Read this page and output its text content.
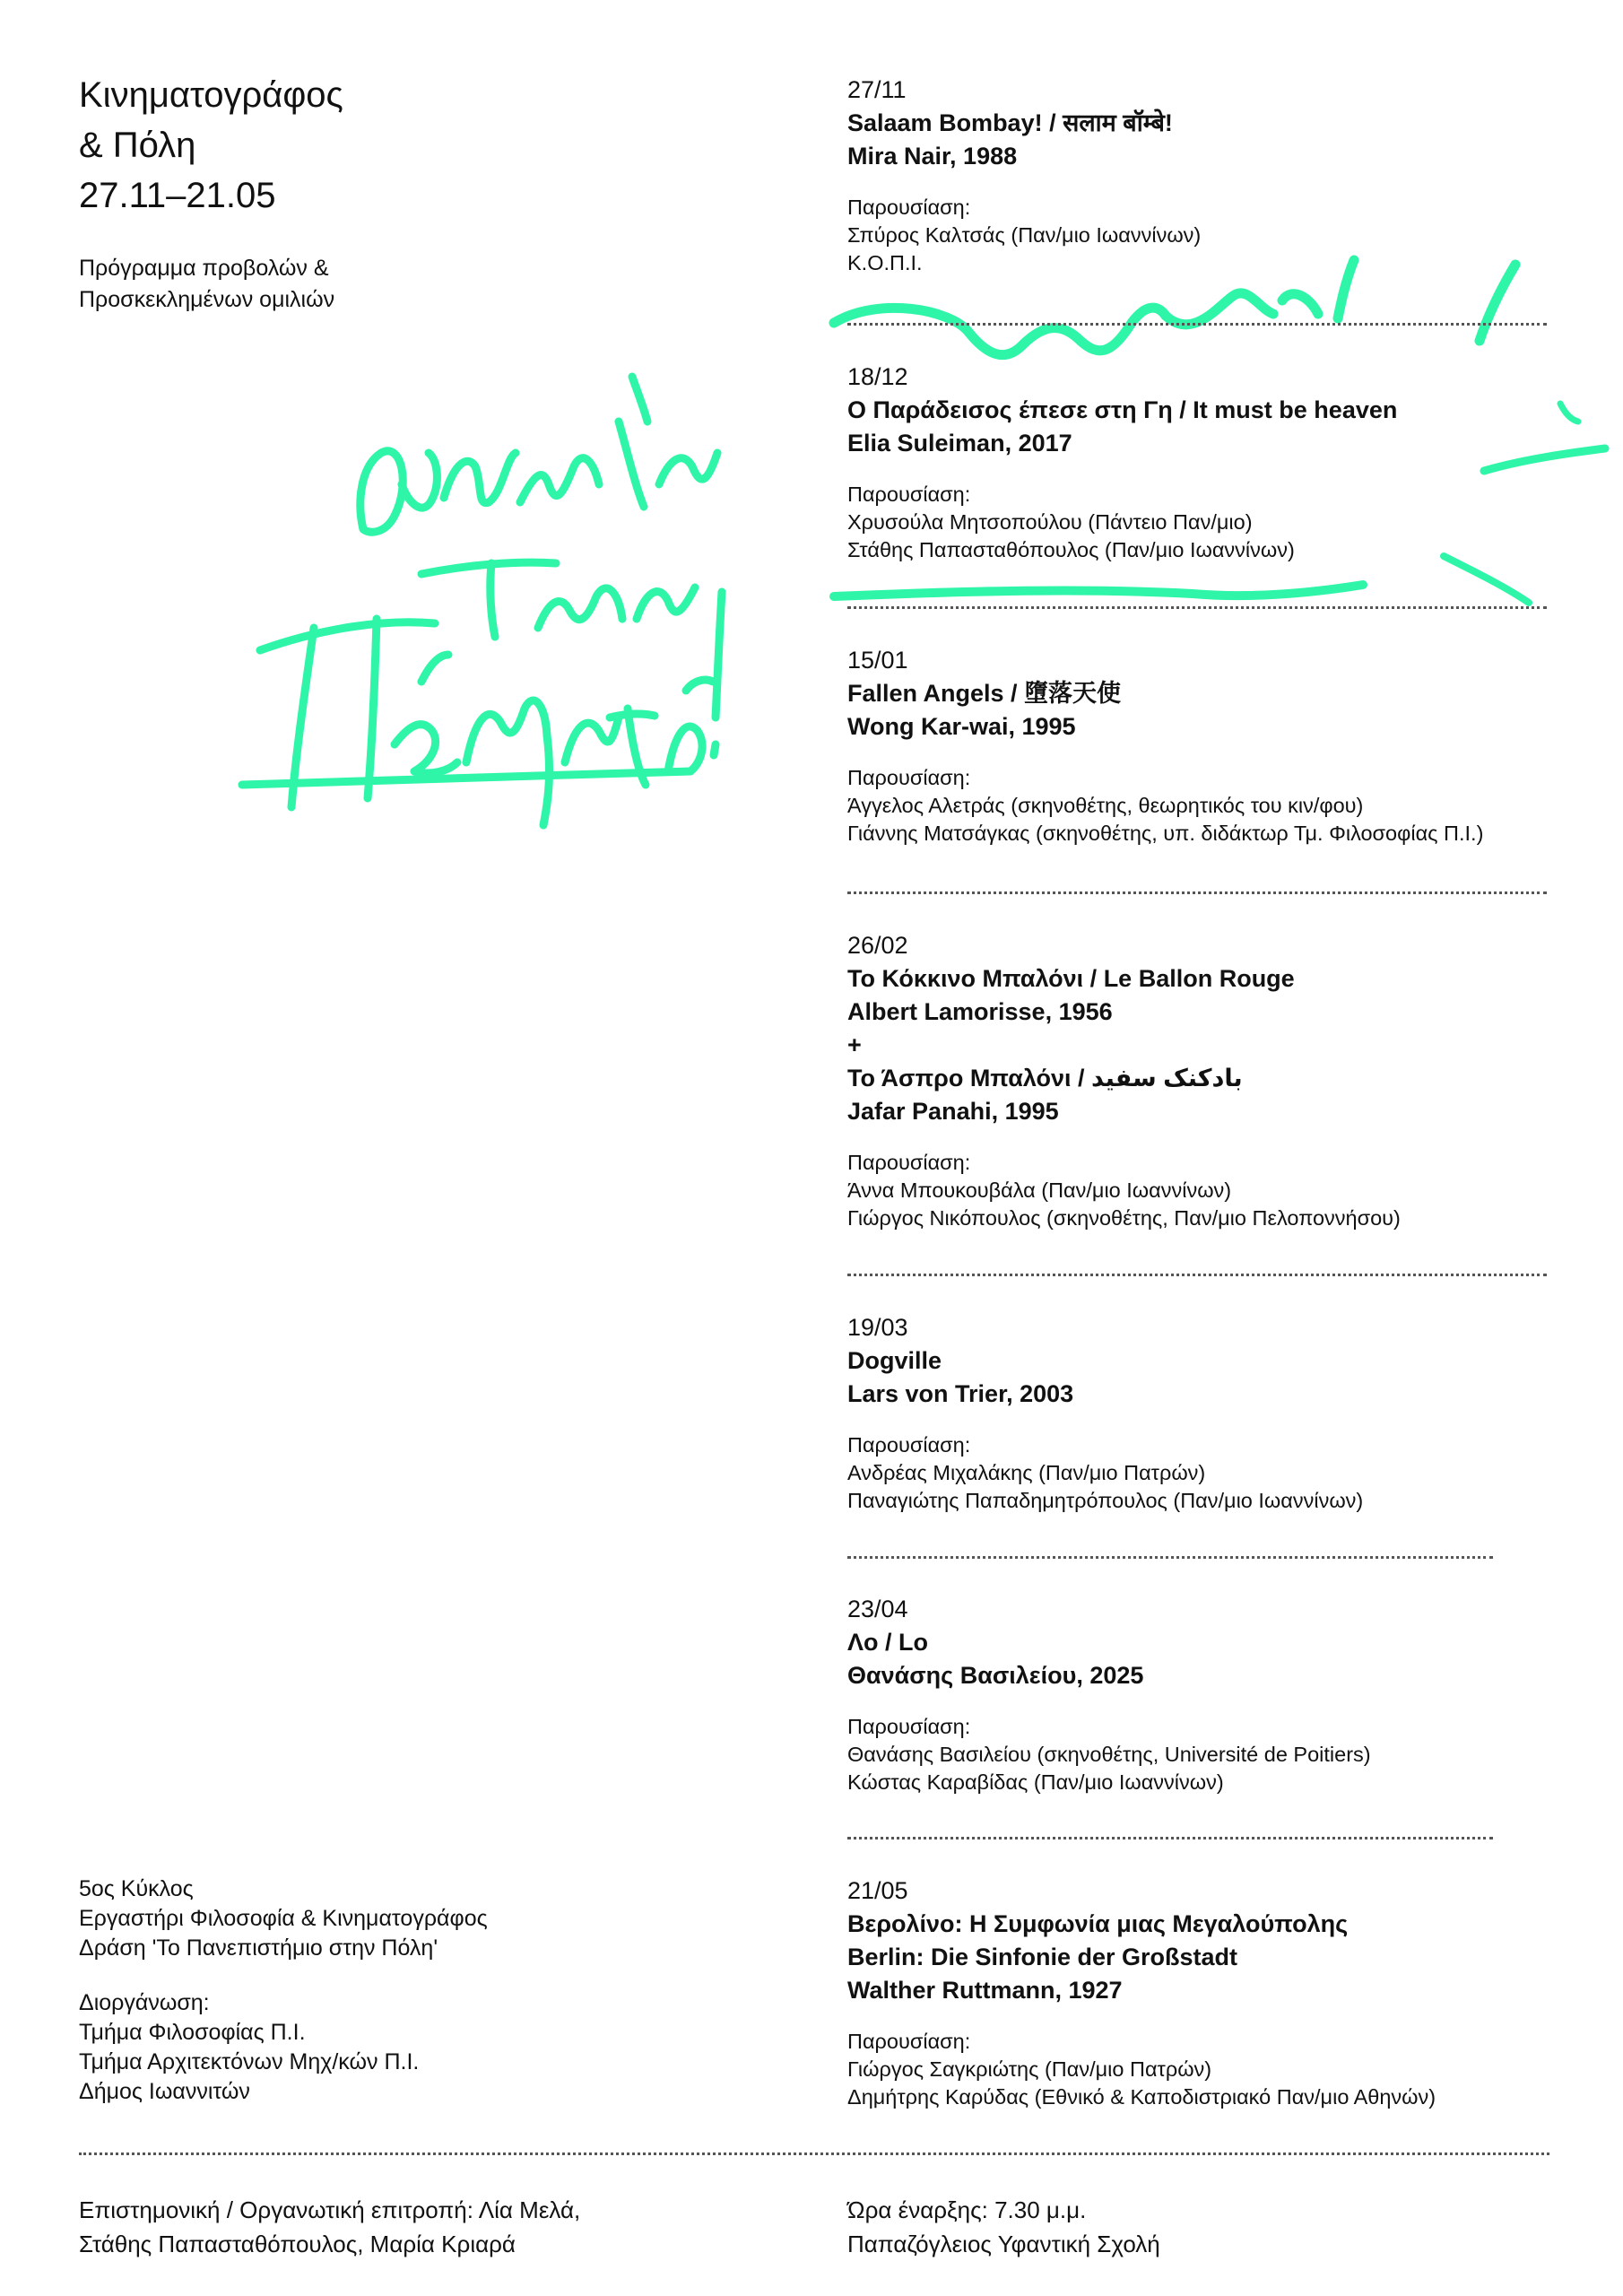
Κινηματογράφος
& Πόλη
27.11–21.05
Πρόγραμμα προβολών &
Προσκεκλημένων ομιλιών
27/11
Salaam Bombay! / सलाम बॉम्बे!
Mira Nair, 1988
Παρουσίαση:
Σπύρος Καλτσάς (Παν/μιο Ιωαννίνων)
Κ.Ο.Π.Ι.
18/12
Ο Παράδεισος έπεσε στη Γη / It must be heaven
Elia Suleiman, 2017
Παρουσίαση:
Χρυσούλα Μητσοπούλου (Πάντειο Παν/μιο)
Στάθης Παπασταθόπουλος (Παν/μιο Ιωαννίνων)
15/01
Fallen Angels / 墮落天使
Wong Kar-wai, 1995
Παρουσίαση:
Άγγελος Αλετράς (σκηνοθέτης, θεωρητικός του κιν/φου)
Γιάννης Ματσάγκας (σκηνοθέτης, υπ. διδάκτωρ Τμ. Φιλοσοφίας Π.Ι.)
26/02
Το Κόκκινο Μπαλόνι / Le Ballon Rouge
Albert Lamorisse, 1956
+
Το Άσπρο Μπαλόνι / بادکنک سفید
Jafar Panahi, 1995
Παρουσίαση:
Άννα Μπουκουβάλα (Παν/μιο Ιωαννίνων)
Γιώργος Νικόπουλος (σκηνοθέτης, Παν/μιο Πελοποννήσου)
19/03
Dogville
Lars von Trier, 2003
Παρουσίαση:
Ανδρέας Μιχαλάκης (Παν/μιο Πατρών)
Παναγιώτης Παπαδημητρόπουλος (Παν/μιο Ιωαννίνων)
23/04
Λο / Lo
Θανάσης Βασιλείου, 2025
Παρουσίαση:
Θανάσης Βασιλείου (σκηνοθέτης, Université de Poitiers)
Κώστας Καραβίδας (Παν/μιο Ιωαννίνων)
21/05
Βερολίνο: Η Συμφωνία μιας Μεγαλούπολης
Berlin: Die Sinfonie der Großstadt
Walther Ruttmann, 1927
Παρουσίαση:
Γιώργος Σαγκριώτης (Παν/μιο Πατρών)
Δημήτρης Καρύδας (Εθνικό & Καποδιστριακό Παν/μιο Αθηνών)
5ος Κύκλος
Εργαστήρι Φιλοσοφία & Κινηματογράφος
Δράση 'Το Πανεπιστήμιο στην Πόλη'
Διοργάνωση:
Τμήμα Φιλοσοφίας Π.Ι.
Τμήμα Αρχιτεκτόνων Μηχ/κών Π.Ι.
Δήμος Ιωαννιτών
Επιστημονική / Οργανωτική επιτροπή: Λία Μελά,
Στάθης Παπασταθόπουλος, Μαρία Κριαρά
Ώρα έναρξης: 7.30 μ.μ.
Παπαζόγλειος Υφαντική Σχολή
